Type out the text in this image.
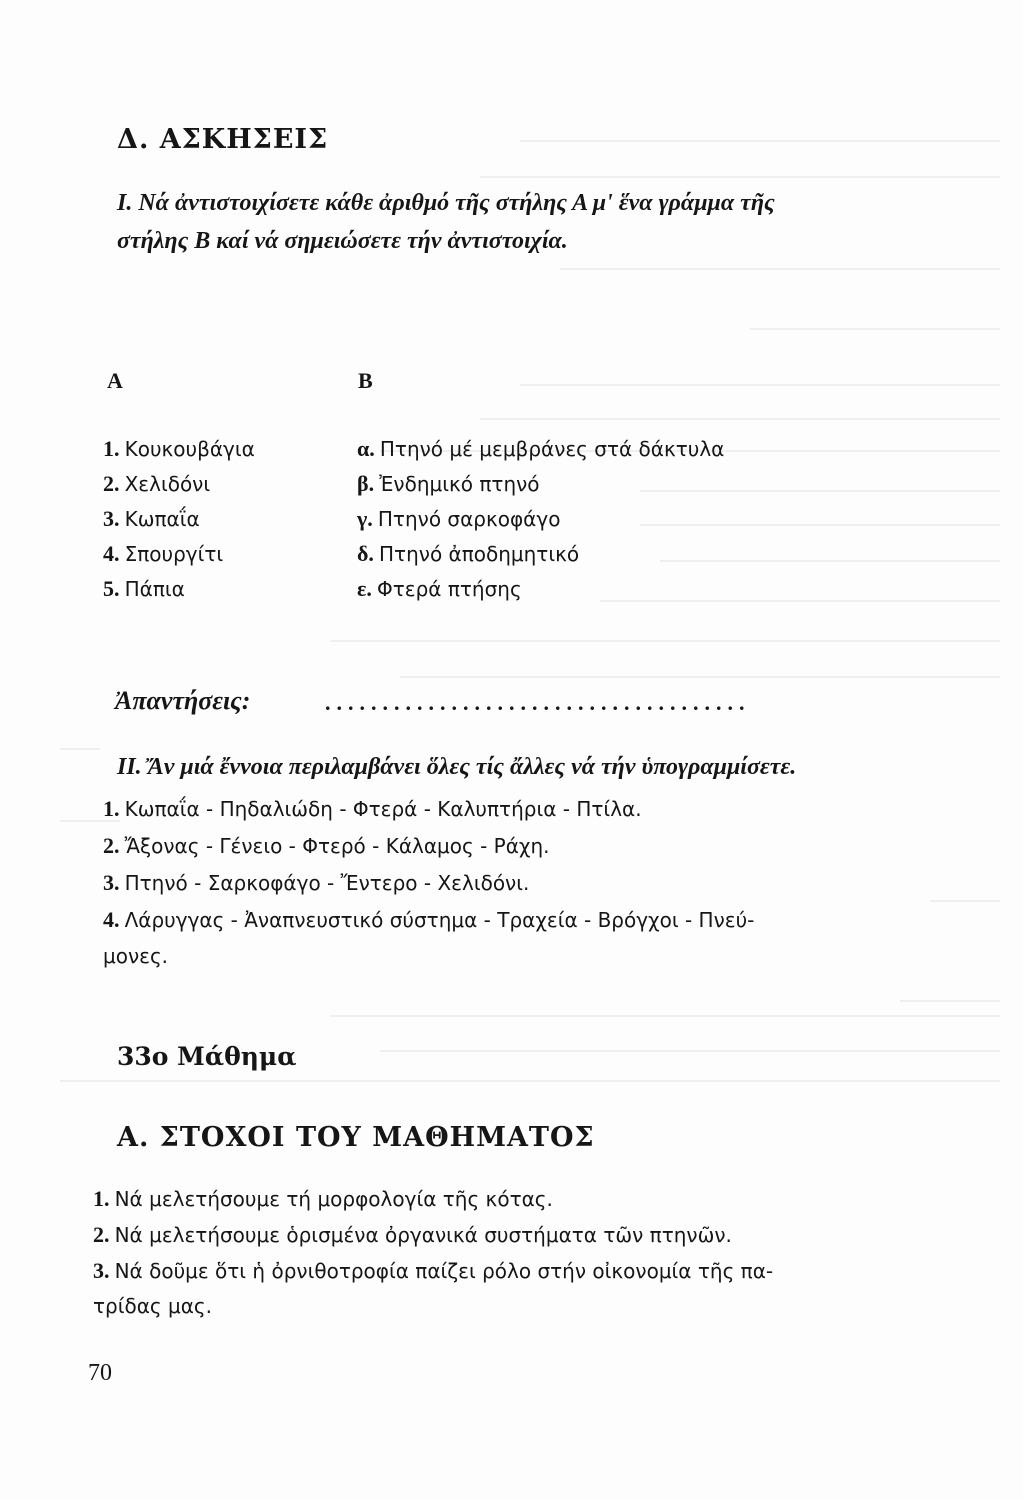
Δ. ΑΣΚΗΣΕΙΣ
Ι. Νά ἀντιστοιχίσετε κάθε ἀριθμό τῆς στήλης Α μ' ἕνα γράμμα τῆς
στήλης Β καί νά σημειώσετε τήν ἀντιστοιχία.
Α	Β
1. Κουκουβάγια
2. Χελιδόνι
3. Κωπαΐα
4. Σπουργίτι
5. Πάπια
α. Πτηνό μέ μεμβράνες στά δάκτυλα
β. Ἐνδημικό πτηνό
γ. Πτηνό σαρκοφάγο
δ. Πτηνό ἀποδημητικό
ε. Φτερά πτήσης
Ἀπαντήσεις:	.....................................
ΙΙ. Ἄν μιά ἔννοια περιλαμβάνει ὅλες τίς ἄλλες νά τήν ὑπογραμμίσετε.
1. Κωπαΐα - Πηδαλιώδη - Φτερά - Καλυπτήρια - Πτίλα.
2. Ἄξονας - Γένειο - Φτερό - Κάλαμος - Ράχη.
3. Πτηνό - Σαρκοφάγο - Ἔντερο - Χελιδόνι.
4. Λάρυγγας - Ἀναπνευστικό σύστημα - Τραχεία - Βρόγχοι - Πνεύ-
μονες.
33ο Μάθημα
Α. ΣΤΟΧΟΙ ΤΟΥ ΜΑΘΗΜΑΤΟΣ
1. Νά μελετήσουμε τή μορφολογία τῆς κότας.
2. Νά μελετήσουμε ὁρισμένα ὀργανικά συστήματα τῶν πτηνῶν.
3. Νά δοῦμε ὅτι ἡ ὀρνιθοτροφία παίζει ρόλο στήν οἰκονομία τῆς πα-
τρίδας μας.
70
